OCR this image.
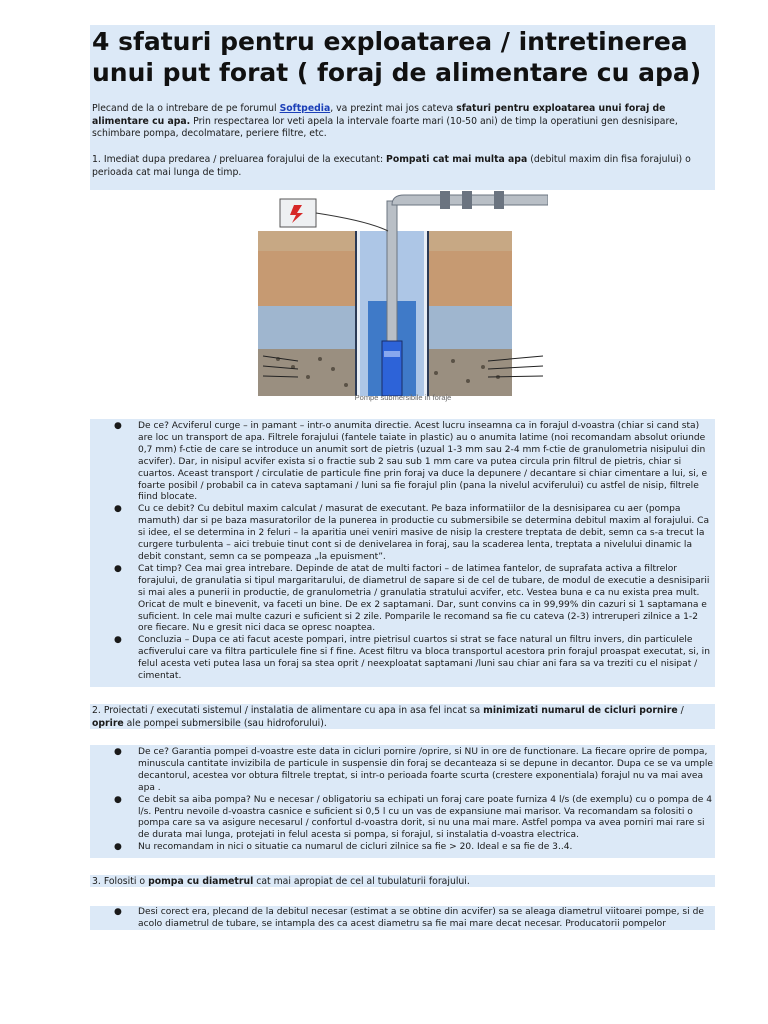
4 sfaturi pentru exploatarea / intretinerea unui put forat ( foraj de alimentare cu apa)

Plecand de la o intrebare de pe forumul Softpedia, va prezint mai jos cateva sfaturi pentru exploatarea unui foraj de alimentare cu apa. Prin respectarea lor veti apela la intervale foarte mari (10-50 ani) de timp la operatiuni gen desnisipare, schimbare pompa, decolmatare, periere filtre, etc.

1. Imediat dupa predarea / preluarea forajului de la executant: Pompati cat mai multa apa (debitul maxim din fisa forajului) o perioada cat mai lunga de timp.

Pompe submersibile in foraje
● De ce? Acviferul curge – in pamant – intr-o anumita directie. Acest lucru inseamna ca in forajul d-voastra (chiar si cand sta) are loc un transport de apa. Filtrele forajului (fantele taiate in plastic) au o anumita latime (noi recomandam absolut oriunde 0,7 mm) f-ctie de care se introduce un anumit sort de pietris (uzual 1-3 mm sau 2-4 mm f-ctie de granulometria nisipului din acvifer). Dar, in nisipul acvifer exista si o fractie sub 2 sau sub 1 mm care va putea circula prin filtrul de pietris, chiar si cuartos. Aceast transport / circulatie de particule fine prin foraj va duce la depunere / decantare si chiar cimentare a lui, si, e foarte posibil / probabil ca in cateva saptamani / luni sa fie forajul plin (pana la nivelul acviferului) cu astfel de nisip, filtrele fiind blocate.
● Cu ce debit? Cu debitul maxim calculat / masurat de executant. Pe baza informatiilor de la desnisiparea cu aer (pompa mamuth) dar si pe baza masuratorilor de la punerea in productie cu submersibile se determina debitul maxim al forajului. Ca si idee, el se determina in 2 feluri – la aparitia unei veniri masive de nisip la crestere treptata de debit, semn ca s-a trecut la curgere turbulenta – aici trebuie tinut cont si de denivelarea in foraj, sau la scaderea lenta, treptata a nivelului dinamic la debit constant, semn ca se pompeaza „la epuisment”.
● Cat timp? Cea mai grea intrebare. Depinde de atat de multi factori – de latimea fantelor, de suprafata activa a filtrelor forajului, de granulatia si tipul margaritarului, de diametrul de sapare si de cel de tubare, de modul de executie a desnisiparii si mai ales a punerii in productie, de granulometria / granulatia stratului acvifer, etc. Vestea buna e ca nu exista prea mult. Oricat de mult e binevenit, va faceti un bine. De ex 2 saptamani. Dar, sunt convins ca in 99,99% din cazuri si 1 saptamana e suficient. In cele mai multe cazuri e suficient si 2 zile. Pomparile le recomand sa fie cu cateva (2-3) intreruperi zilnice a 1-2 ore fiecare. Nu e gresit nici daca se opresc noaptea.
● Concluzia – Dupa ce ati facut aceste pompari, intre pietrisul cuartos si strat se face natural un filtru invers, din particulele acfiverului care va filtra particulele fine si f fine. Acest filtru va bloca transportul acestora prin forajul proaspat executat, si, in felul acesta veti putea lasa un foraj sa stea oprit / neexploatat saptamani /luni sau chiar ani fara sa va treziti cu el nisipat / cimentat.

2. Proiectati / executati sistemul / instalatia de alimentare cu apa in asa fel incat sa minimizati numarul de cicluri pornire / oprire ale pompei submersibile (sau hidroforului).

● De ce? Garantia pompei d-voastre este data in cicluri pornire /oprire, si NU in ore de functionare. La fiecare oprire de pompa, minuscula cantitate invizibila de particule in suspensie din foraj se decanteaza si se depune in decantor. Dupa ce se va umple decantorul, acestea vor obtura filtrele treptat, si intr-o perioada foarte scurta (crestere exponentiala) forajul nu va mai avea apa .
● Ce debit sa aiba pompa? Nu e necesar / obligatoriu sa echipati un foraj care poate furniza 4 l/s (de exemplu) cu o pompa de 4 l/s. Pentru nevoile d-voastra casnice e suficient si 0,5 l cu un vas de expansiune mai marisor. Va recomandam sa folositi o pompa care sa va asigure necesarul / confortul d-voastra dorit, si nu una mai mare. Astfel pompa va avea porniri mai rare si de durata mai lunga, protejati in felul acesta si pompa, si forajul, si instalatia d-voastra electrica.
● Nu recomandam in nici o situatie ca numarul de cicluri zilnice sa fie > 20. Ideal e sa fie de 3..4.

3. Folositi o pompa cu diametrul cat mai apropiat de cel al tubulaturii forajului.

● Desi corect era, plecand de la debitul necesar (estimat a se obtine din acvifer) sa se aleaga diametrul viitoarei pompe, si de acolo diametrul de tubare, se intampla des ca acest diametru sa fie mai mare decat necesar. Producatorii pompelor
